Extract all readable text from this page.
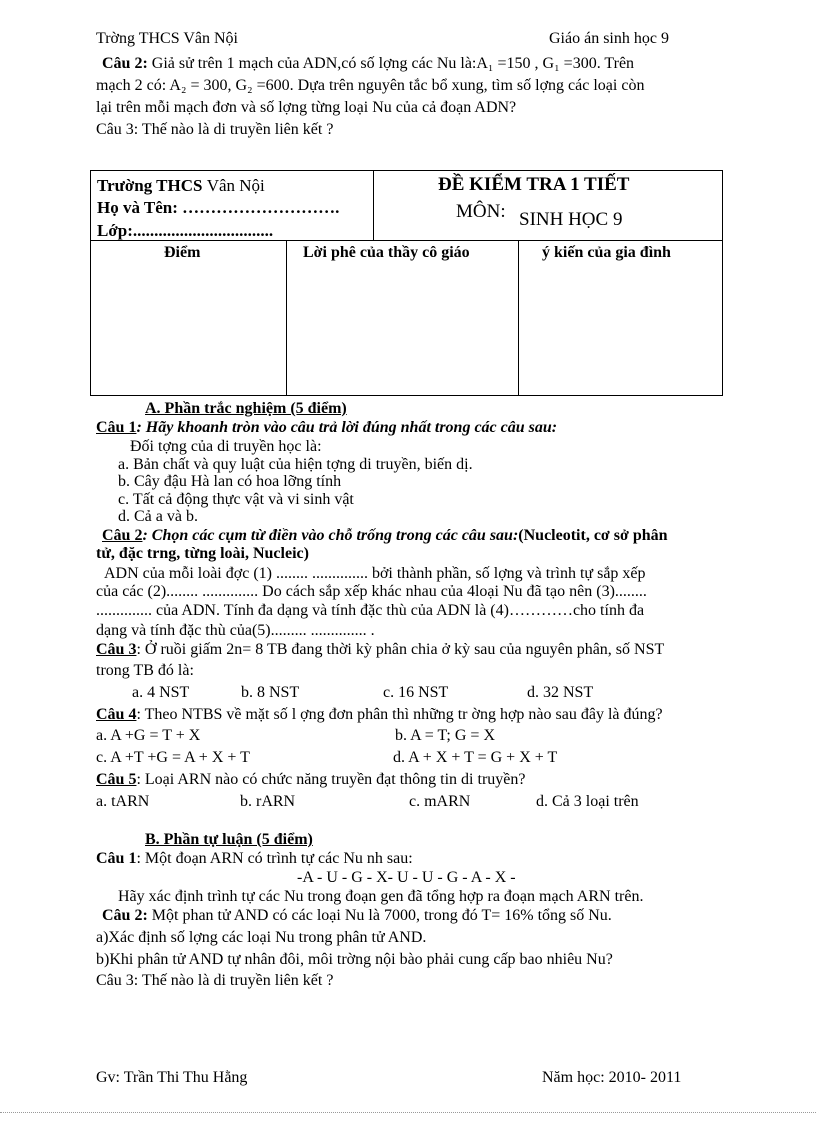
Trờng THCS Vân Nội	Giáo án sinh học 9
Câu 2: Giả sử trên 1 mạch của ADN,có số lợng các Nu là:A₁ =150 , G₁ =300. Trên
mạch 2 có: A₂ = 300, G₂ =600. Dựa trên nguyên tắc bổ xung, tìm số lợng các loại còn
lại trên mỗi mạch đơn và số lợng từng loại Nu của cả đoạn ADN?
Câu 3: Thế nào là di truyền liên kết ?
Trường THCS Vân Nội
Họ và Tên: ……………………….
Lớp:.................................
ĐỀ KIỂM TRA 1 TIẾT
MÔN: SINH HỌC 9
Điểm	Lời phê của thầy cô giáo	ý kiến của gia đình
A. Phần trắc nghiệm (5 điểm)
Câu 1: Hãy khoanh tròn vào câu trả lời đúng nhất trong các câu sau:
Đối tợng của di truyền học là:
a. Bản chất và quy luật của hiện tợng di truyền, biến dị.
b. Cây đậu Hà lan có hoa lỡng tính
c. Tất cả động thực vật và vi sinh vật
d. Cả a và b.
Câu 2: Chọn các cụm từ điền vào chỗ trống trong các câu sau:(Nucleotit, cơ sở phân
tử, đặc trng, từng loài, Nucleic)
ADN của mỗi loài đợc (1) ........ .............. bởi thành phần, số lợng và trình tự sắp xếp
của các (2)........ .............. Do cách sắp xếp khác nhau của 4loại Nu đã tạo nên (3)........
.............. của ADN. Tính đa dạng và tính đặc thù của ADN là (4)…………cho tính đa
dạng và tính đặc thù của(5)......... .............. .
Câu 3: Ở ruồi giấm 2n= 8 TB đang thời kỳ phân chia ở kỳ sau của nguyên phân, số NST
trong TB đó là:
a. 4 NST	b. 8 NST	c. 16 NST	d. 32 NST
Câu 4: Theo NTBS về mặt số l ợng đơn phân thì những tr ờng hợp nào sau đây là đúng?
a. A +G = T + X	b. A = T; G = X
c. A +T +G = A + X + T	d. A + X + T = G + X + T
Câu 5: Loại ARN nào có chức năng truyền đạt thông tin di truyền?
a. tARN	b. rARN	c. mARN	d. Cả 3 loại trên
B. Phần tự luận (5 điểm)
Câu 1: Một đoạn ARN có trình tự các Nu nh sau:
-A - U - G - X- U - U - G - A - X -
Hãy xác định trình tự các Nu trong đoạn gen đã tổng hợp ra đoạn mạch ARN trên.
Câu 2: Một phan tử AND có các loại Nu là 7000, trong đó T= 16% tổng số Nu.
a)Xác định số lợng các loại Nu trong phân tử AND.
b)Khi phân tử AND tự nhân đôi, môi trờng nội bào phải cung cấp bao nhiêu Nu?
Câu 3: Thế nào là di truyền liên kết ?
Gv: Trần Thi Thu Hằng	Năm học: 2010- 2011
